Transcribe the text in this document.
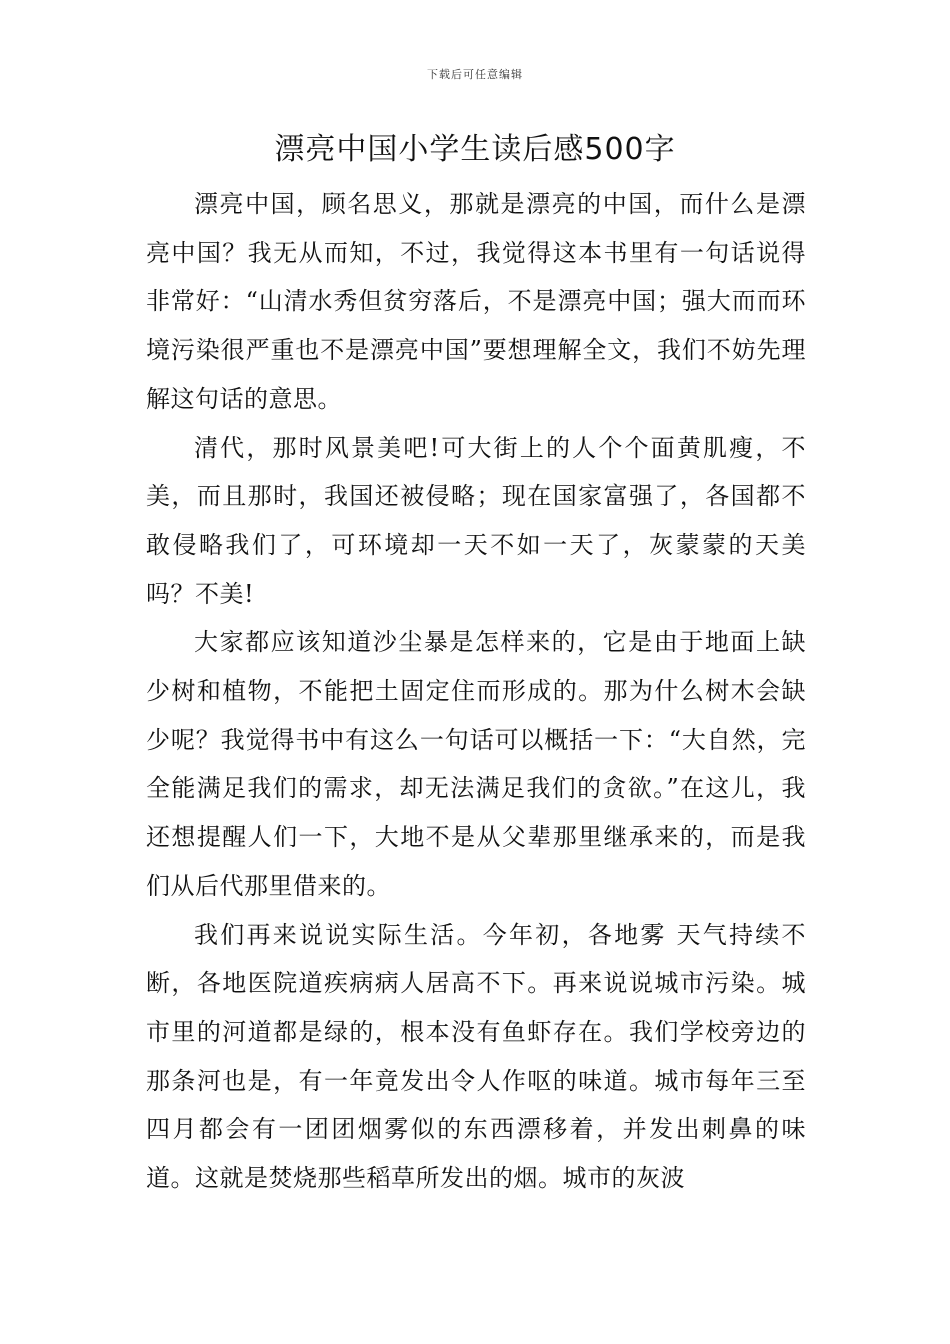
下载后可任意编辑
漂亮中国小学生读后感500字

漂亮中国，顾名思义，那就是漂亮的中国，而什么是漂亮中国？我无从而知，不过，我觉得这本书里有一句话说得非常好：“山清水秀但贫穷落后，不是漂亮中国；强大而而环境污染很严重也不是漂亮中国”要想理解全文，我们不妨先理解这句话的意思。

清代，那时风景美吧!可大街上的人个个面黄肌瘦，不美，而且那时，我国还被侵略；现在国家富强了，各国都不敢侵略我们了，可环境却一天不如一天了，灰蒙蒙的天美吗？不美!

大家都应该知道沙尘暴是怎样来的，它是由于地面上缺少树和植物，不能把土固定住而形成的。那为什么树木会缺少呢？我觉得书中有这么一句话可以概括一下：“大自然，完全能满足我们的需求，却无法满足我们的贪欲。”在这儿，我还想提醒人们一下，大地不是从父辈那里继承来的，而是我们从后代那里借来的。

我们再来说说实际生活。今年初，各地雾 天气持续不断，各地医院道疾病病人居高不下。再来说说城市污染。城市里的河道都是绿的，根本没有鱼虾存在。我们学校旁边的那条河也是，有一年竟发出令人作呕的味道。城市每年三至四月都会有一团团烟雾似的东西漂移着，并发出刺鼻的味道。这就是焚烧那些稻草所发出的烟。城市的灰波
